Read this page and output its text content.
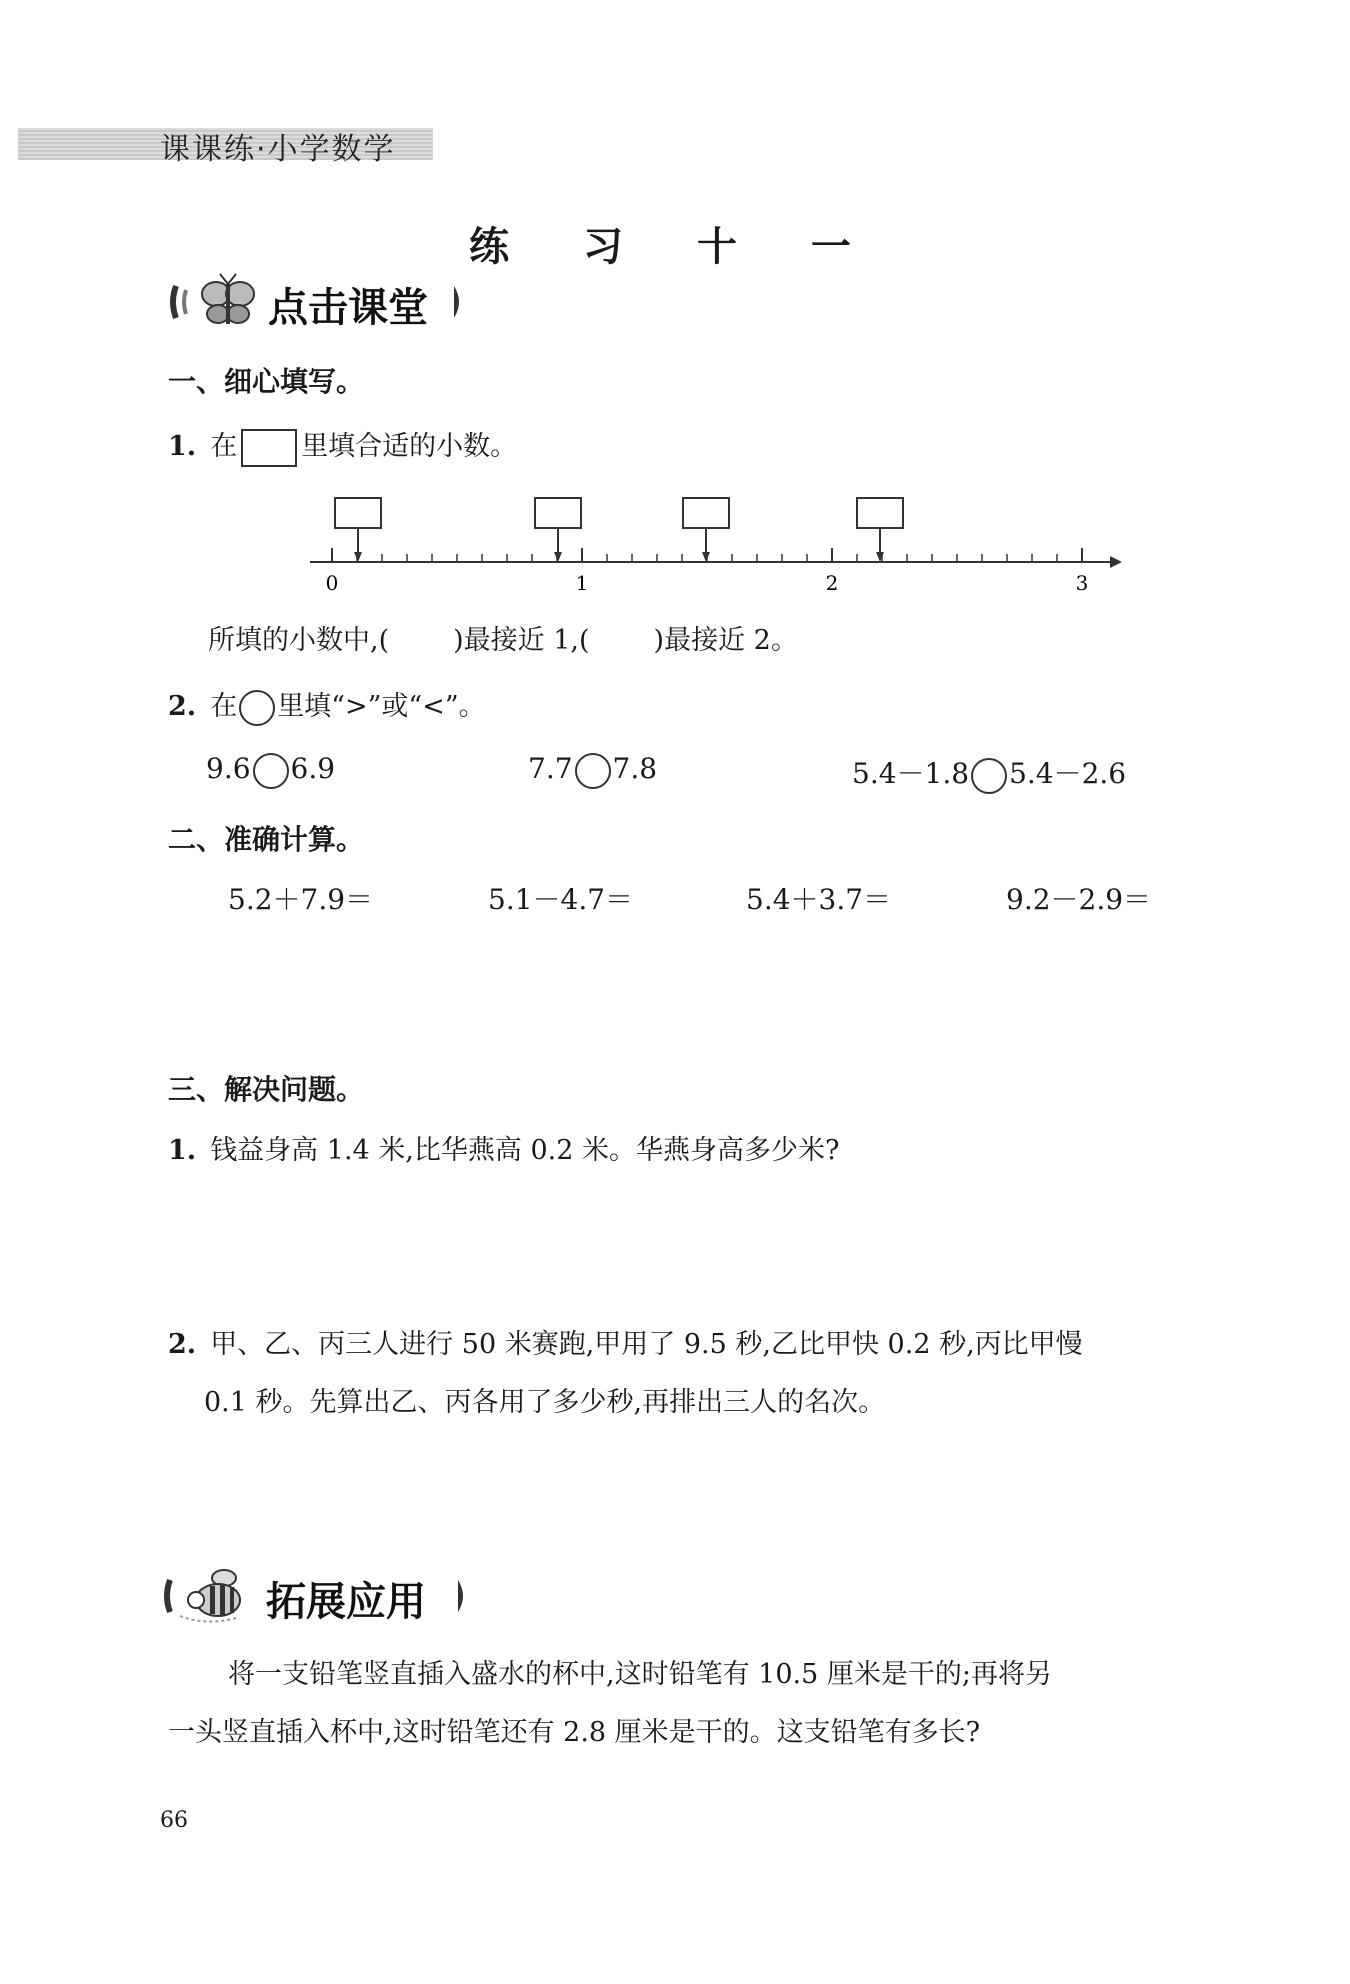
课课练·小学数学
练 习 十 一
点击课堂
一、细心填写。
1. 在 里填合适的小数。
0	1	2	3
所填的小数中,( )最接近 1,( )最接近 2。
2. 在 里填“>”或“<”。
9.6 6.9	7.7 7.8	5.4－1.8 5.4－2.6
二、准确计算。
5.2＋7.9＝	5.1－4.7＝	5.4＋3.7＝	9.2－2.9＝
三、解决问题。
1. 钱益身高 1.4 米,比华燕高 0.2 米。华燕身高多少米?
2. 甲、乙、丙三人进行 50 米赛跑,甲用了 9.5 秒,乙比甲快 0.2 秒,丙比甲慢
0.1 秒。先算出乙、丙各用了多少秒,再排出三人的名次。
拓展应用
将一支铅笔竖直插入盛水的杯中,这时铅笔有 10.5 厘米是干的;再将另
一头竖直插入杯中,这时铅笔还有 2.8 厘米是干的。这支铅笔有多长?
66
